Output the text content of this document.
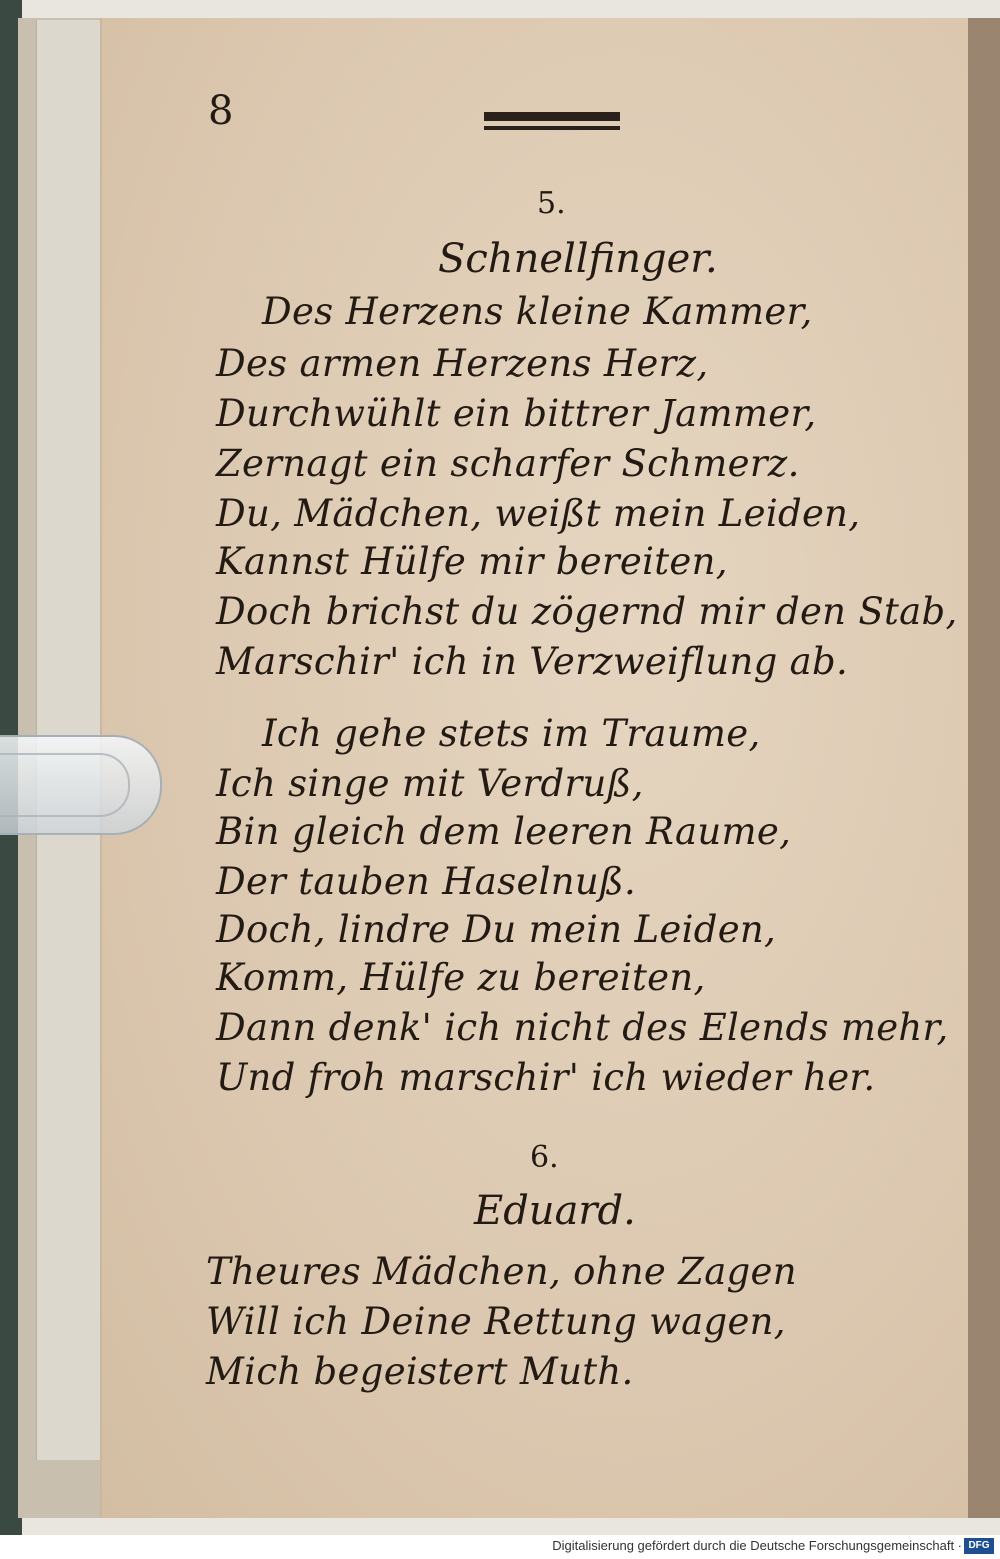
8
5.
Schnellfinger.
Des Herzens kleine Kammer,
Des armen Herzens Herz,
Durchwühlt ein bittrer Jammer,
Zernagt ein scharfer Schmerz.
Du, Mädchen, weißt mein Leiden,
Kannst Hülfe mir bereiten,
Doch brichst du zögernd mir den Stab,
Marschir' ich in Verzweiflung ab.
Ich gehe stets im Traume,
Ich singe mit Verdruß,
Bin gleich dem leeren Raume,
Der tauben Haselnuß.
Doch, lindre Du mein Leiden,
Komm, Hülfe zu bereiten,
Dann denk' ich nicht des Elends mehr,
Und froh marschir' ich wieder her.
6.
Eduard.
Theures Mädchen, ohne Zagen
Will ich Deine Rettung wagen,
Mich begeistert Muth.
Digitalisierung gefördert durch die Deutsche Forschungsgemeinschaft · DFG
